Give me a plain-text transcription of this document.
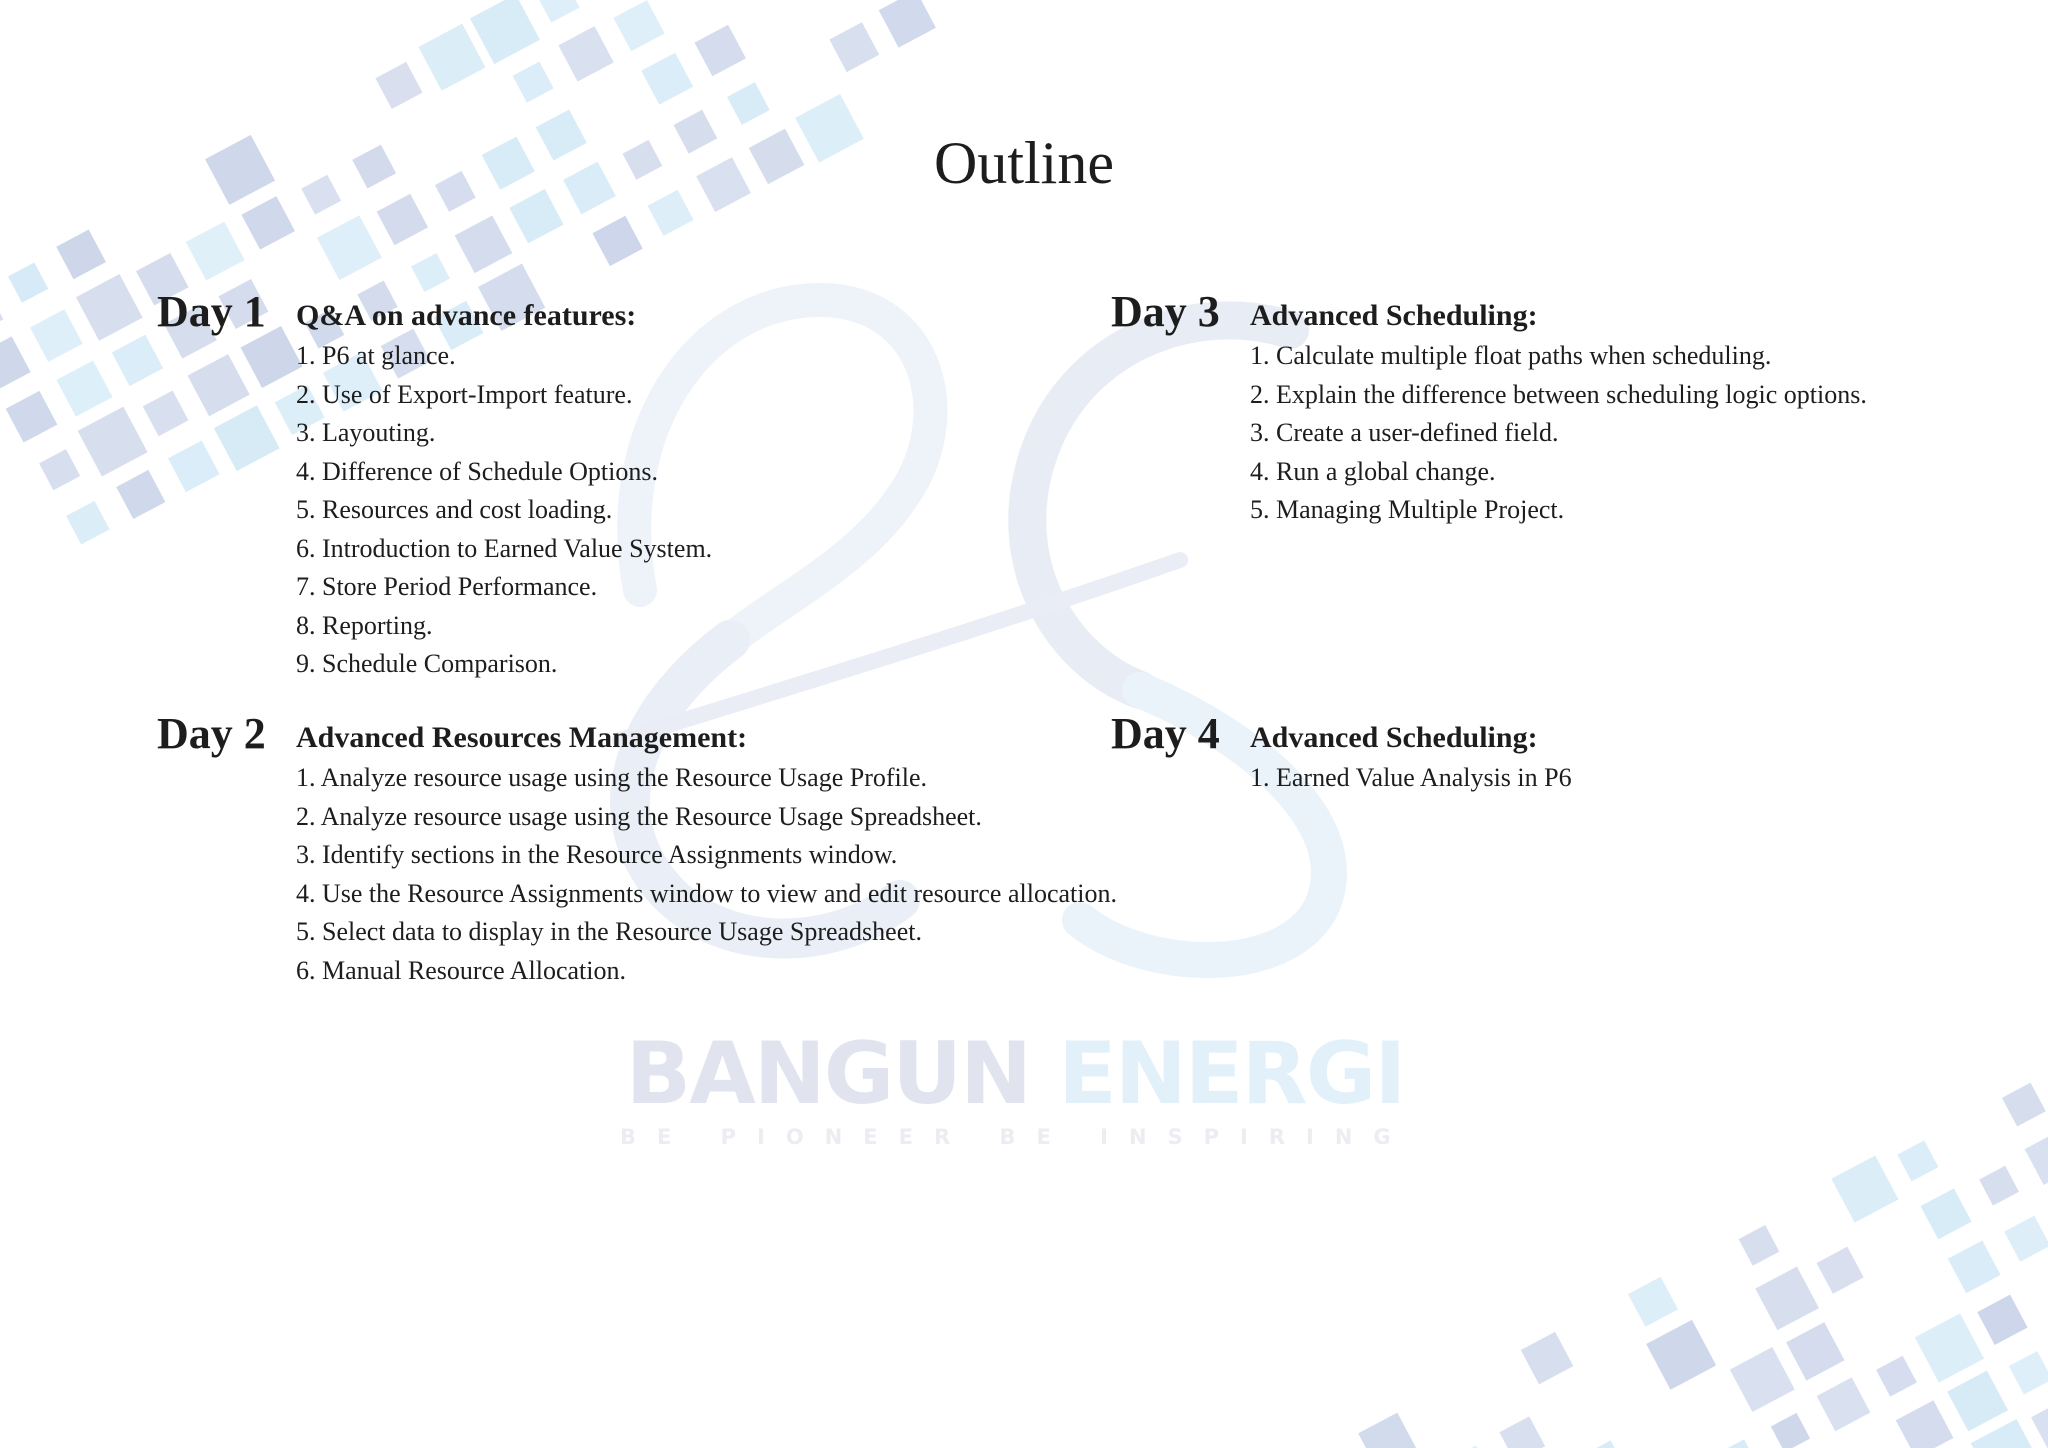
BANGUN ENERGI
BE PIONEER BE INSPIRING
Outline
Day 1 Q&A on advance features:
1. P6 at glance.
2. Use of Export-Import feature.
3. Layouting.
4. Difference of Schedule Options.
5. Resources and cost loading.
6. Introduction to Earned Value System.
7. Store Period Performance.
8. Reporting.
9. Schedule Comparison.
Day 2 Advanced Resources Management:
1. Analyze resource usage using the Resource Usage Profile.
2. Analyze resource usage using the Resource Usage Spreadsheet.
3. Identify sections in the Resource Assignments window.
4. Use the Resource Assignments window to view and edit resource allocation.
5. Select data to display in the Resource Usage Spreadsheet.
6. Manual Resource Allocation.
Day 3 Advanced Scheduling:
1. Calculate multiple float paths when scheduling.
2. Explain the difference between scheduling logic options.
3. Create a user-defined field.
4. Run a global change.
5. Managing Multiple Project.
Day 4 Advanced Scheduling:
1. Earned Value Analysis in P6
